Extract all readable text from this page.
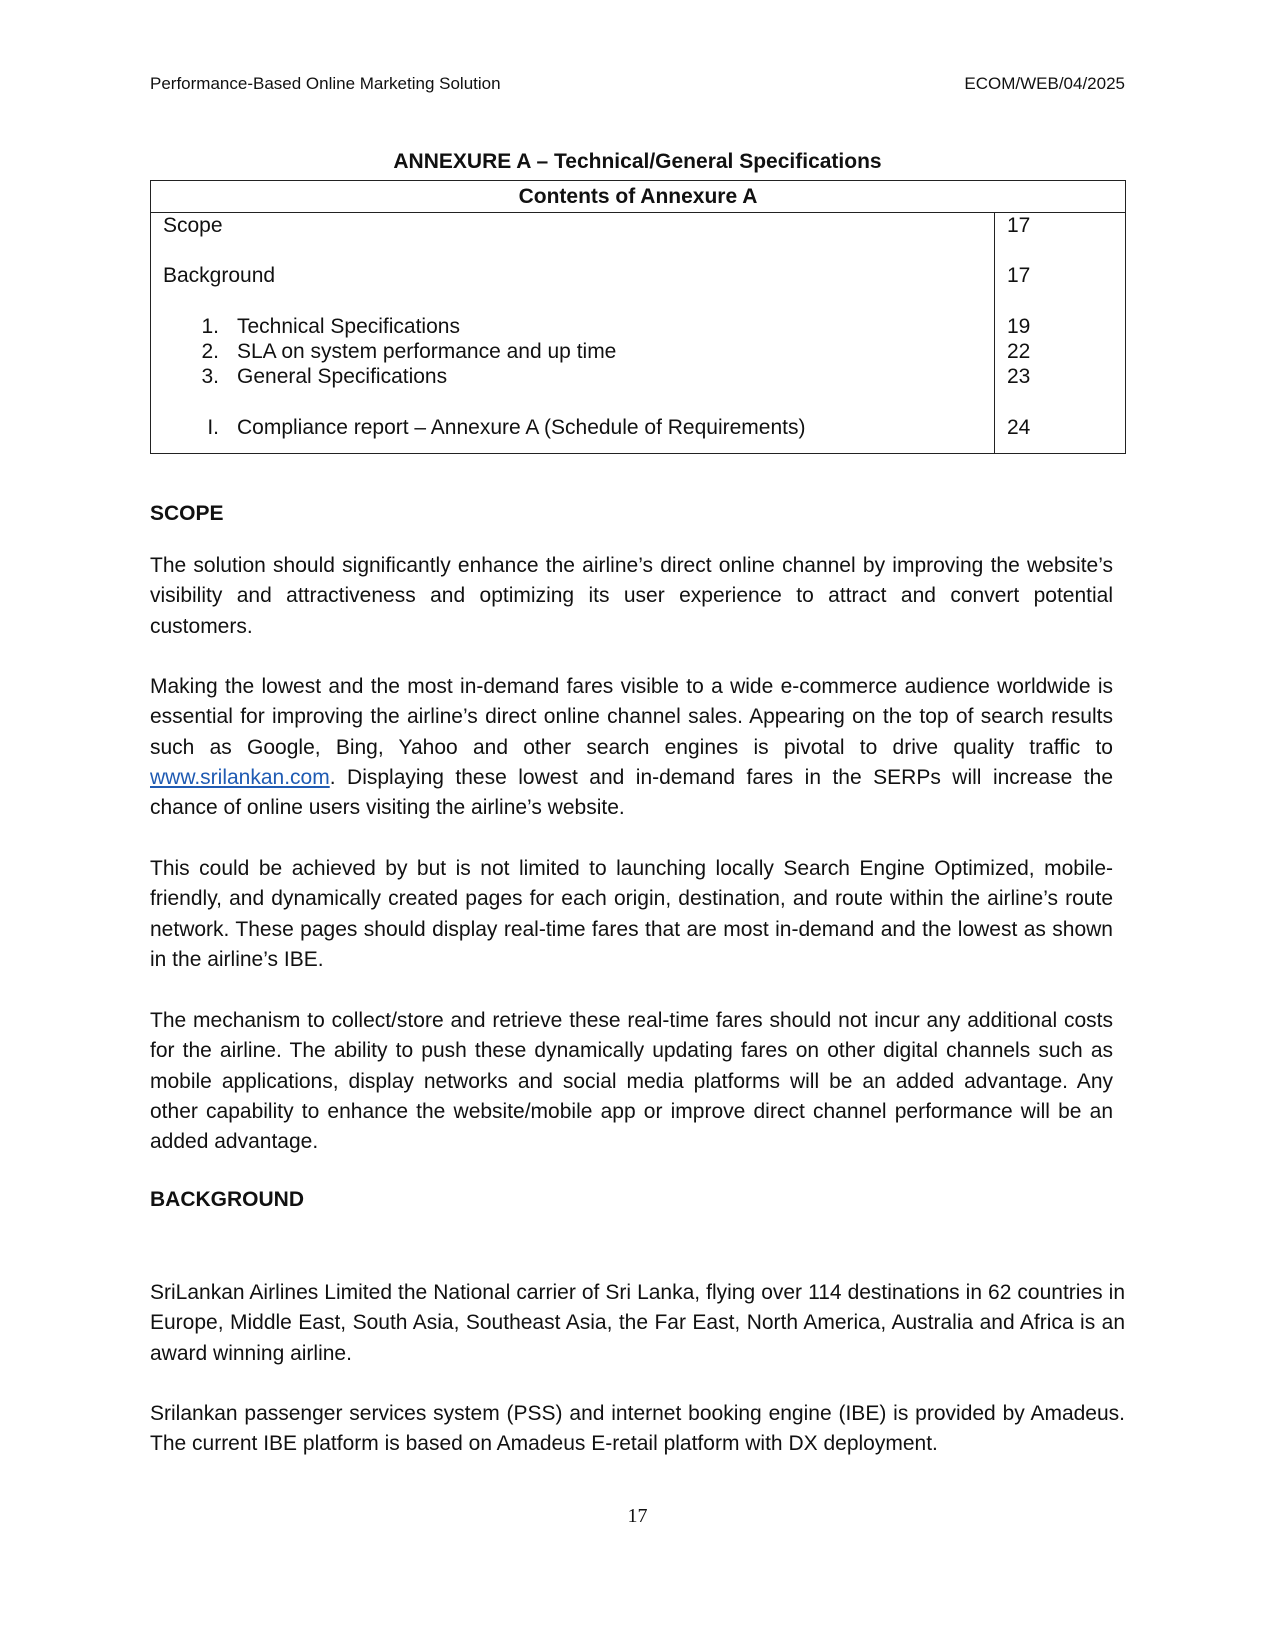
Performance-Based Online Marketing Solution	ECOM/WEB/04/2025
ANNEXURE A – Technical/General Specifications
Contents of Annexure A
Scope	17
Background	17
1. Technical Specifications	19
2. SLA on system performance and up time	22
3. General Specifications	23
I. Compliance report – Annexure A (Schedule of Requirements)	24
SCOPE

The solution should significantly enhance the airline’s direct online channel by improving the website’s visibility and attractiveness and optimizing its user experience to attract and convert potential customers.

Making the lowest and the most in-demand fares visible to a wide e-commerce audience worldwide is essential for improving the airline’s direct online channel sales. Appearing on the top of search results such as Google, Bing, Yahoo and other search engines is pivotal to drive quality traffic to www.srilankan.com. Displaying these lowest and in-demand fares in the SERPs will increase the chance of online users visiting the airline’s website.

This could be achieved by but is not limited to launching locally Search Engine Optimized, mobile-friendly, and dynamically created pages for each origin, destination, and route within the airline’s route network. These pages should display real-time fares that are most in-demand and the lowest as shown in the airline’s IBE.

The mechanism to collect/store and retrieve these real-time fares should not incur any additional costs for the airline. The ability to push these dynamically updating fares on other digital channels such as mobile applications, display networks and social media platforms will be an added advantage. Any other capability to enhance the website/mobile app or improve direct channel performance will be an added advantage.

BACKGROUND

SriLankan Airlines Limited the National carrier of Sri Lanka, flying over 114 destinations in 62 countries in Europe, Middle East, South Asia, Southeast Asia, the Far East, North America, Australia and Africa is an award winning airline.

Srilankan passenger services system (PSS) and internet booking engine (IBE) is provided by Amadeus. The current IBE platform is based on Amadeus E-retail platform with DX deployment.

17
